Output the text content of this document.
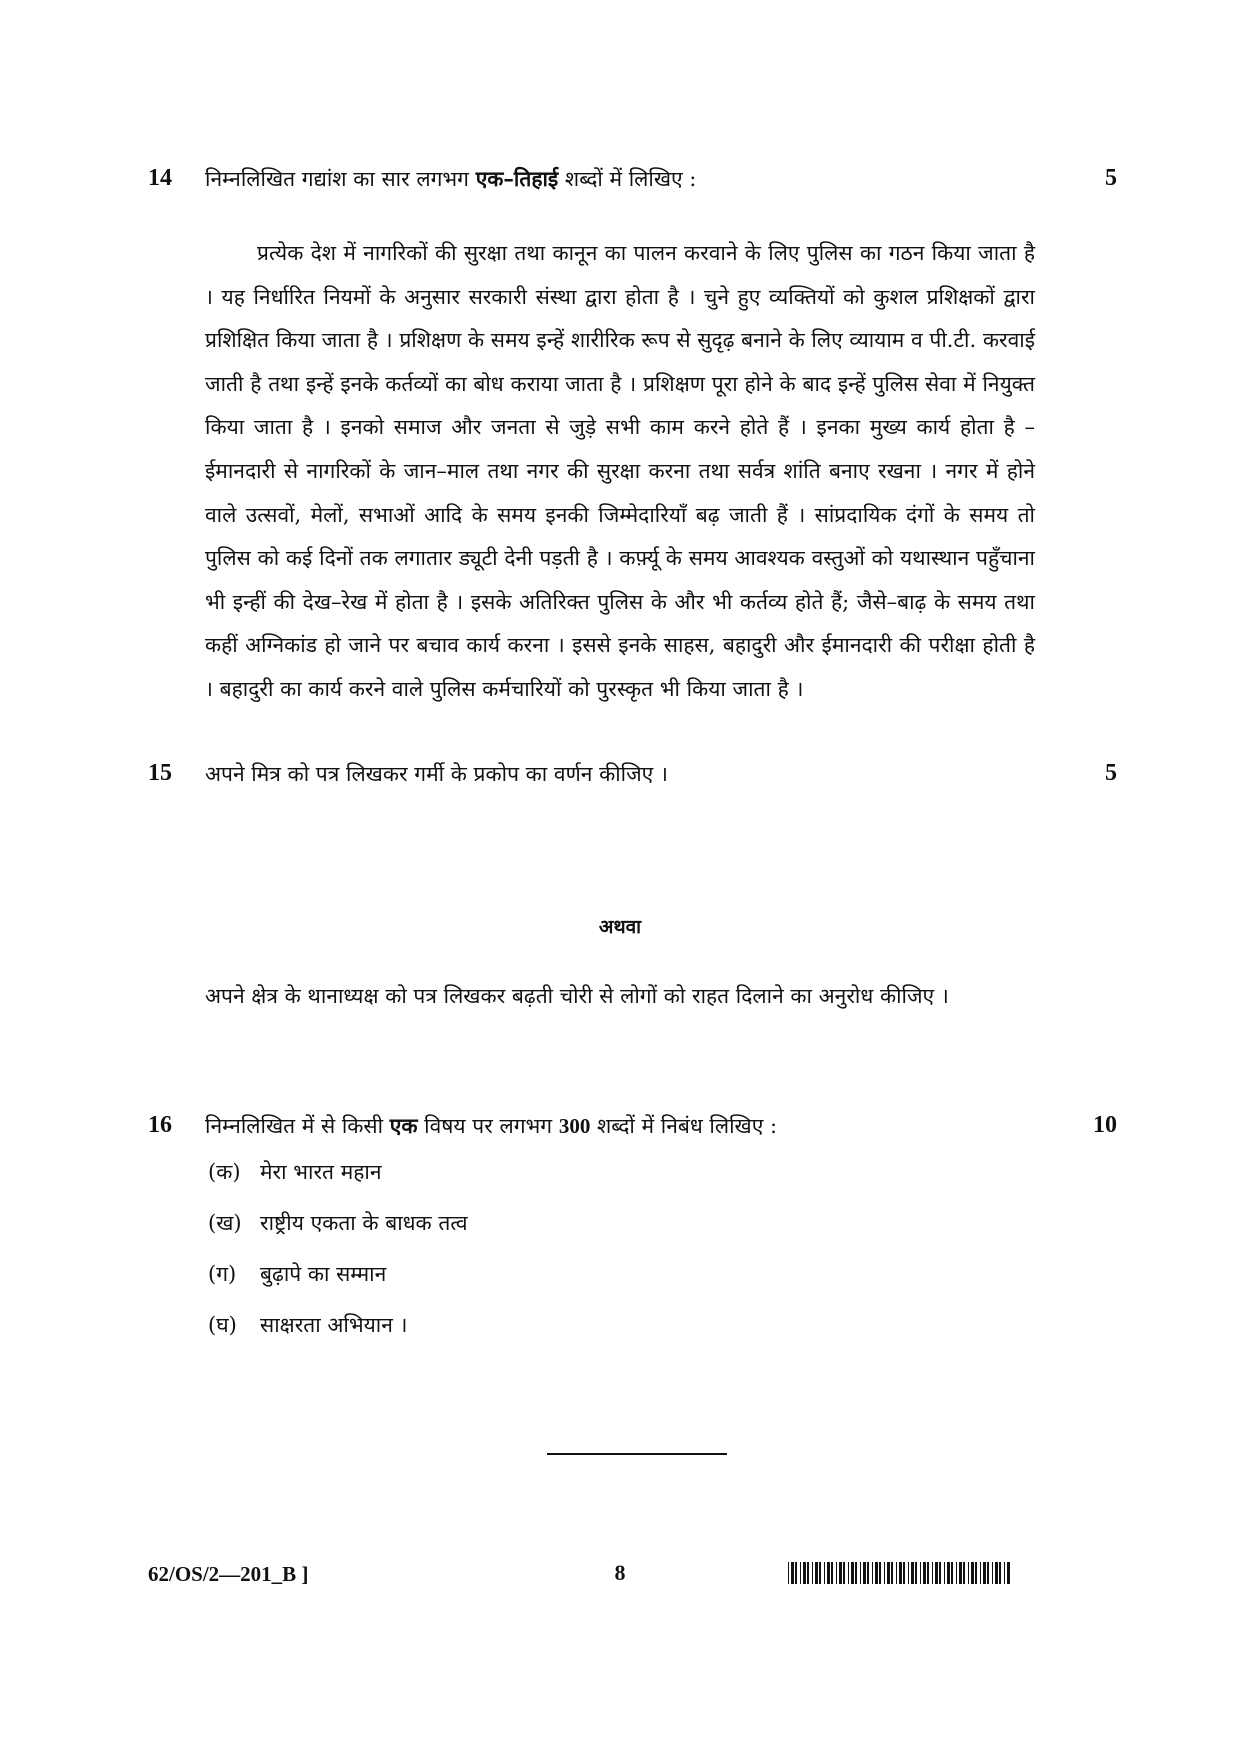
14 निम्नलिखित गद्यांश का सार लगभग एक–तिहाई शब्दों में लिखिए :	5

प्रत्येक देश में नागरिकों की सुरक्षा तथा कानून का पालन करवाने के लिए पुलिस का गठन किया जाता है । यह निर्धारित नियमों के अनुसार सरकारी संस्था द्वारा होता है । चुने हुए व्यक्तियों को कुशल प्रशिक्षकों द्वारा प्रशिक्षित किया जाता है । प्रशिक्षण के समय इन्हें शारीरिक रूप से सुदृढ़ बनाने के लिए व्यायाम व पी.टी. करवाई जाती है तथा इन्हें इनके कर्तव्यों का बोध कराया जाता है । प्रशिक्षण पूरा होने के बाद इन्हें पुलिस सेवा में नियुक्त किया जाता है । इनको समाज और जनता से जुड़े सभी काम करने होते हैं । इनका मुख्य कार्य होता है – ईमानदारी से नागरिकों के जान–माल तथा नगर की सुरक्षा करना तथा सर्वत्र शांति बनाए रखना । नगर में होने वाले उत्सवों, मेलों, सभाओं आदि के समय इनकी जिम्मेदारियाँ बढ़ जाती हैं । सांप्रदायिक दंगों के समय तो पुलिस को कई दिनों तक लगातार ड्यूटी देनी पड़ती है । कर्फ़्यू के समय आवश्यक वस्तुओं को यथास्थान पहुँचाना भी इन्हीं की देख–रेख में होता है । इसके अतिरिक्त पुलिस के और भी कर्तव्य होते हैं; जैसे–बाढ़ के समय तथा कहीं अग्निकांड हो जाने पर बचाव कार्य करना । इससे इनके साहस, बहादुरी और ईमानदारी की परीक्षा होती है । बहादुरी का कार्य करने वाले पुलिस कर्मचारियों को पुरस्कृत भी किया जाता है ।

15 अपने मित्र को पत्र लिखकर गर्मी के प्रकोप का वर्णन कीजिए ।	5
अथवा

अपने क्षेत्र के थानाध्यक्ष को पत्र लिखकर बढ़ती चोरी से लोगों को राहत दिलाने का अनुरोध कीजिए ।

16 निम्नलिखित में से किसी एक विषय पर लगभग 300 शब्दों में निबंध लिखिए :	10
(क) मेरा भारत महान
(ख) राष्ट्रीय एकता के बाधक तत्व
(ग)	बुढ़ापे का सम्मान
(घ)	साक्षरता अभियान ।
62/OS/2—201_B ]	8
